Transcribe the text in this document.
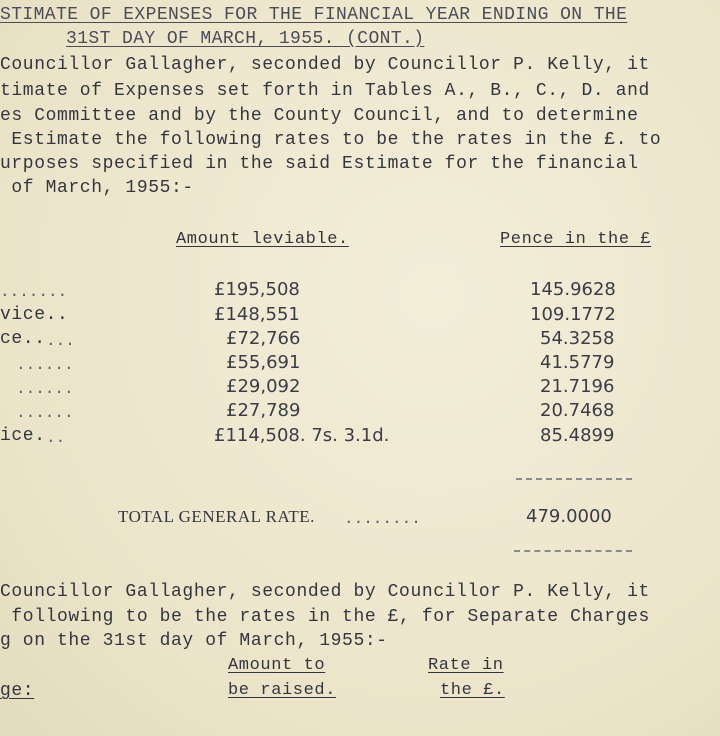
STIMATE OF EXPENSES FOR THE FINANCIAL YEAR ENDING ON THE
31ST DAY OF MARCH, 1955. (CONT.)
Councillor Gallagher, seconded by Councillor P. Kelly, it
timate of Expenses set forth in Tables A., B., C., D. and
es Committee and by the County Council, and to determine
Estimate the following rates to be the rates in the £. to
urposes specified in the said Estimate for the financial
of March, 1955:-
Amount leviable.	Pence in the £
.......	£195,508	145.9628
vice..	£148,551	109.1772
ce.. ...	£72,766	54.3258
......	£55,691	41.5779
......	£29,092	21.7196
......	£27,789	20.7468
ice. ..	£114,508. 7s. 3.1d.	85.4899
TOTAL GENERAL RATE. ........	479.0000
Councillor Gallagher, seconded by Councillor P. Kelly, it
following to be the rates in the £, for Separate Charges
g on the 31st day of March, 1955:-
Amount to	Rate in
ge:	be raised.	the £.
